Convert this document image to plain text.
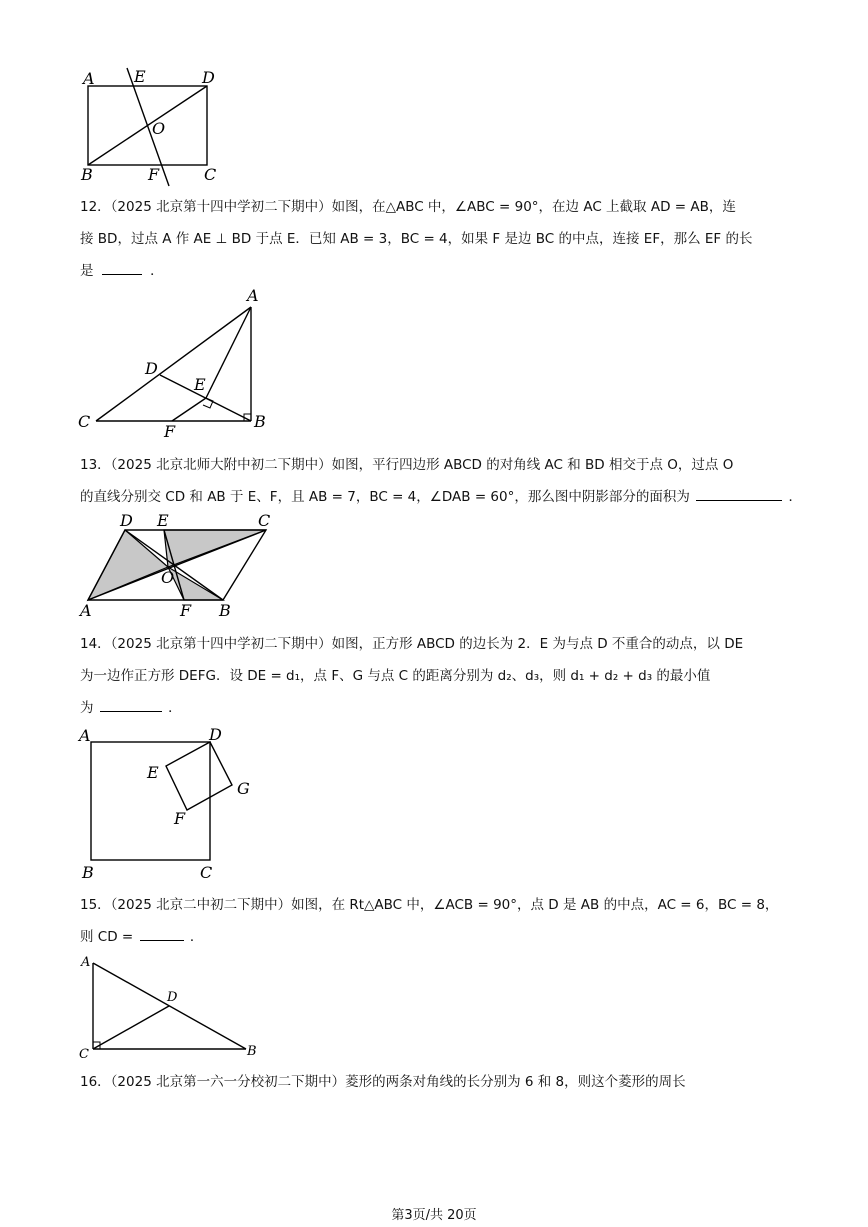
A E	D
O
B	F	C
12．（2025 北京第十四中学初二下期中）如图，在△ABC 中，∠ABC = 90°，在边 AC 上截取 AD = AB，连
接 BD，过点 A 作 AE ⊥ BD 于点 E．已知 AB = 3，BC = 4，如果 F 是边 BC 的中点，连接 EF，那么 EF 的长
是	．
A
D
E
C
F
B
13．（2025 北京北师大附中初二下期中）如图，平行四边形 ABCD 的对角线 AC 和 BD 相交于点 O，过点 O
的直线分别交 CD 和 AB 于 E、F，且 AB = 7，BC = 4，∠DAB = 60°，那么图中阴影部分的面积为	．
D E	C
O
A	F B
14．（2025 北京第十四中学初二下期中）如图，正方形 ABCD 的边长为 2．E 为与点 D 不重合的动点，以 DE
为一边作正方形 DEFG．设 DE = d₁，点 F、G 与点 C 的距离分别为 d₂、d₃，则 d₁ + d₂ + d₃ 的最小值
为	．
A	D
E
G
F
B	C
15．（2025 北京二中初二下期中）如图，在 Rt△ABC 中，∠ACB = 90°，点 D 是 AB 的中点，AC = 6，BC = 8，
则 CD =	．
A
D
C	B
16．（2025 北京第一六一分校初二下期中）菱形的两条对角线的长分别为 6 和 8，则这个菱形的周长
第3页/共 20页
